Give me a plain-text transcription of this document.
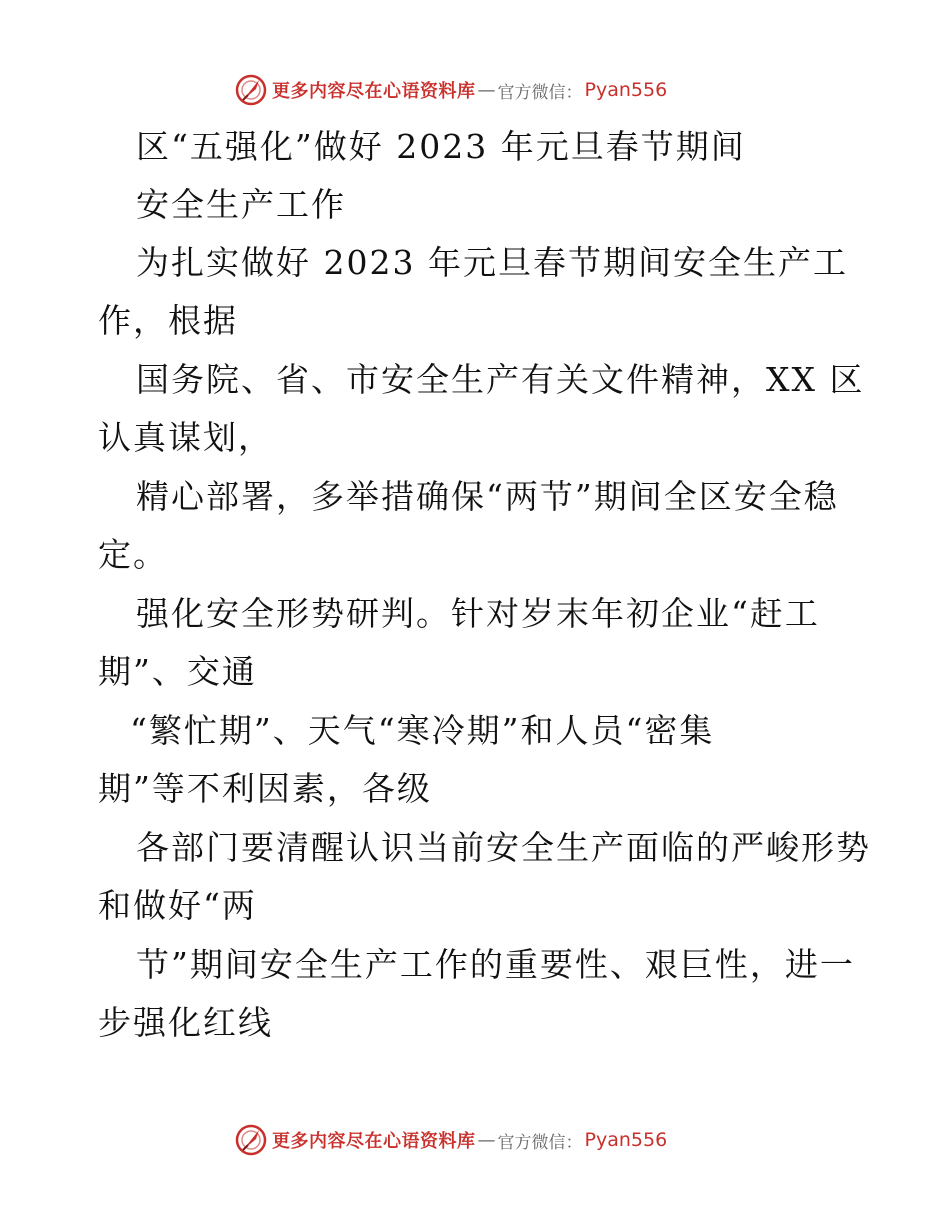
更多内容尽在心语资料库 — 官方微信： Pyan556
区“五强化”做好 2023 年元旦春节期间
安全生产工作
为扎实做好 2023 年元旦春节期间安全生产工
作，根据
国务院、省、市安全生产有关文件精神，XX 区
认真谋划，
精心部署，多举措确保“两节”期间全区安全稳
定。
强化安全形势研判。针对岁末年初企业“赶工
期”、交通
“繁忙期”、天气“寒冷期”和人员“密集
期”等不利因素，各级
各部门要清醒认识当前安全生产面临的严峻形势
和做好“两
节”期间安全生产工作的重要性、艰巨性，进一
步强化红线
更多内容尽在心语资料库 — 官方微信： Pyan556
